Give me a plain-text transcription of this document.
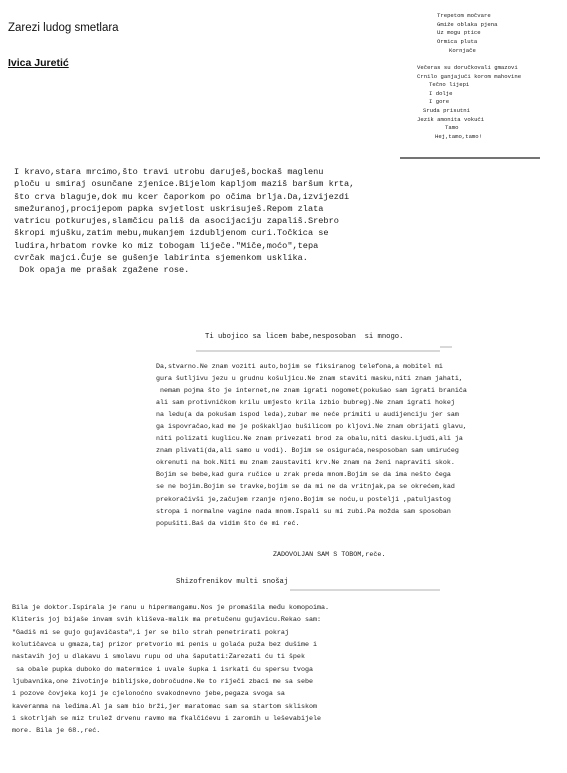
Zarezi ludog smetlara
Ivica Juretić
Trepetom močvare
Gmiže oblaka pjena
Uz mogu ptice
Ormica pluta
Kornjače
Večeras su doručkovali gmazovi
Crnilo ganjajući korom mahovine
Tečno lijepi
I dolje
I gore
Sruda prisutni
Jezik amonita vokući
Tamo
Hej,tamo,tamo!
I kravo,stara mrcimo,što travi utrobu daruješ,bockaš maglenu
ploču u smiraj osunčane zjenice.Bijelom kapljom maziš baršum krta,
što crva blaguje,dok mu kcer čaporkom po očima brlja.Da,izvijezdi
smežuranoj,procijepom papka svjetlost uskrisuješ.Repom zlata
vatricu potkurujes,slamčicu pališ da asocijaciju zapališ.Srebro
škropi mjušku,zatim mebu,mukanjem izdubljenom curi.Točkica se
ludira,hrbatom rovke ko miz tobogam liječe."Miče,moćo",tepa
cvrčak majci.Čuje se gušenje labirinta sjemenkom usklika.
Dok opaja me prašak zgažene rose.
Ti ubojico sa licem babe,nesposoban  si mnogo.
Da,stvarno.Ne znam voziti auto,bojim se fiksiranog telefona,a mobitel mi
gura šutljivu jezu u grudnu košuljicu.Ne znam staviti masku,niti znam jahati,
nemam pojma što je internet,ne znam igrati nogomet(pokušao sam igrati braniča
ali sam protivničkom krilu umjesto krila izbio bubreg).Ne znam igrati hokej
na ledu(a da pokušam ispod leda),zubar me neće primiti u audijenciju jer sam
ga ispovračao,kad me je poškakljao bušilicom po kljovi.Ne znam obrijati glavu,
niti polizati kuglicu.Ne znam privezati brod za obalu,niti dasku.Ljudi,ali ja
znam plivati(da,ali samo u vodi). Bojim se osiguraća,nesposoban sam umirućeg
okrenuti na bok.Niti mu znam zaustaviti krv.Ne znam na ženi napraviti skok.
Bojim se bebe,kad gura ručice u zrak preda mnom.Bojim se da ima nešto čega
se ne bojim.Bojim se travke,bojim se da mi ne da vritnjak,pa se okrećem,kad
prekoračivši je,začujem rzanje njeno.Bojim se noću,u postelji ,patuljastog
stropa i normalne vagine nada mnom.Ispali su mi zubi.Pa možda sam sposoban
popušiti.Baš da vidim što će mi reć.
ZADOVOLJAN SAM S TOBOM,reče.
Shizofrenikov multi snošaj
Bila je doktor.Ispirala je ranu u hipermangamu.Nos je promašila među komopoima.
Kliteris joj bijaše invam svih kliševa-malik ma pretučenu gujavicu.Rekao sam:
"Gadiš mi se gujo gujavičasta",i jer se bilo strah penetrirati pokraj
kolutičavca u gmaza,taj prizor pretvorio mi penis u golaća puža bez dušime i
nastavih joj u dlakavu i smolavu rupu od uha šaputati:Zarezati ću ti špek
sa obale pupka duboko do matermice i uvale šupka i isrkati ću spersu tvoga
ljubavnika,one životinje biblijske,dobročudne.Ne to riječi zbaci me sa sebe
i pozove čovjeka koji je cjelonoćno svakodnevno jebe,pegaza svoga sa
kaveranma na leđima.Al ja sam bio brži,jer maratomac sam sa startom skliskom
i skotrljah se miz trulež drvenu ravmo ma fkalčićevu i zaromih u leševabijele
more. Bila je 68.,reć.
